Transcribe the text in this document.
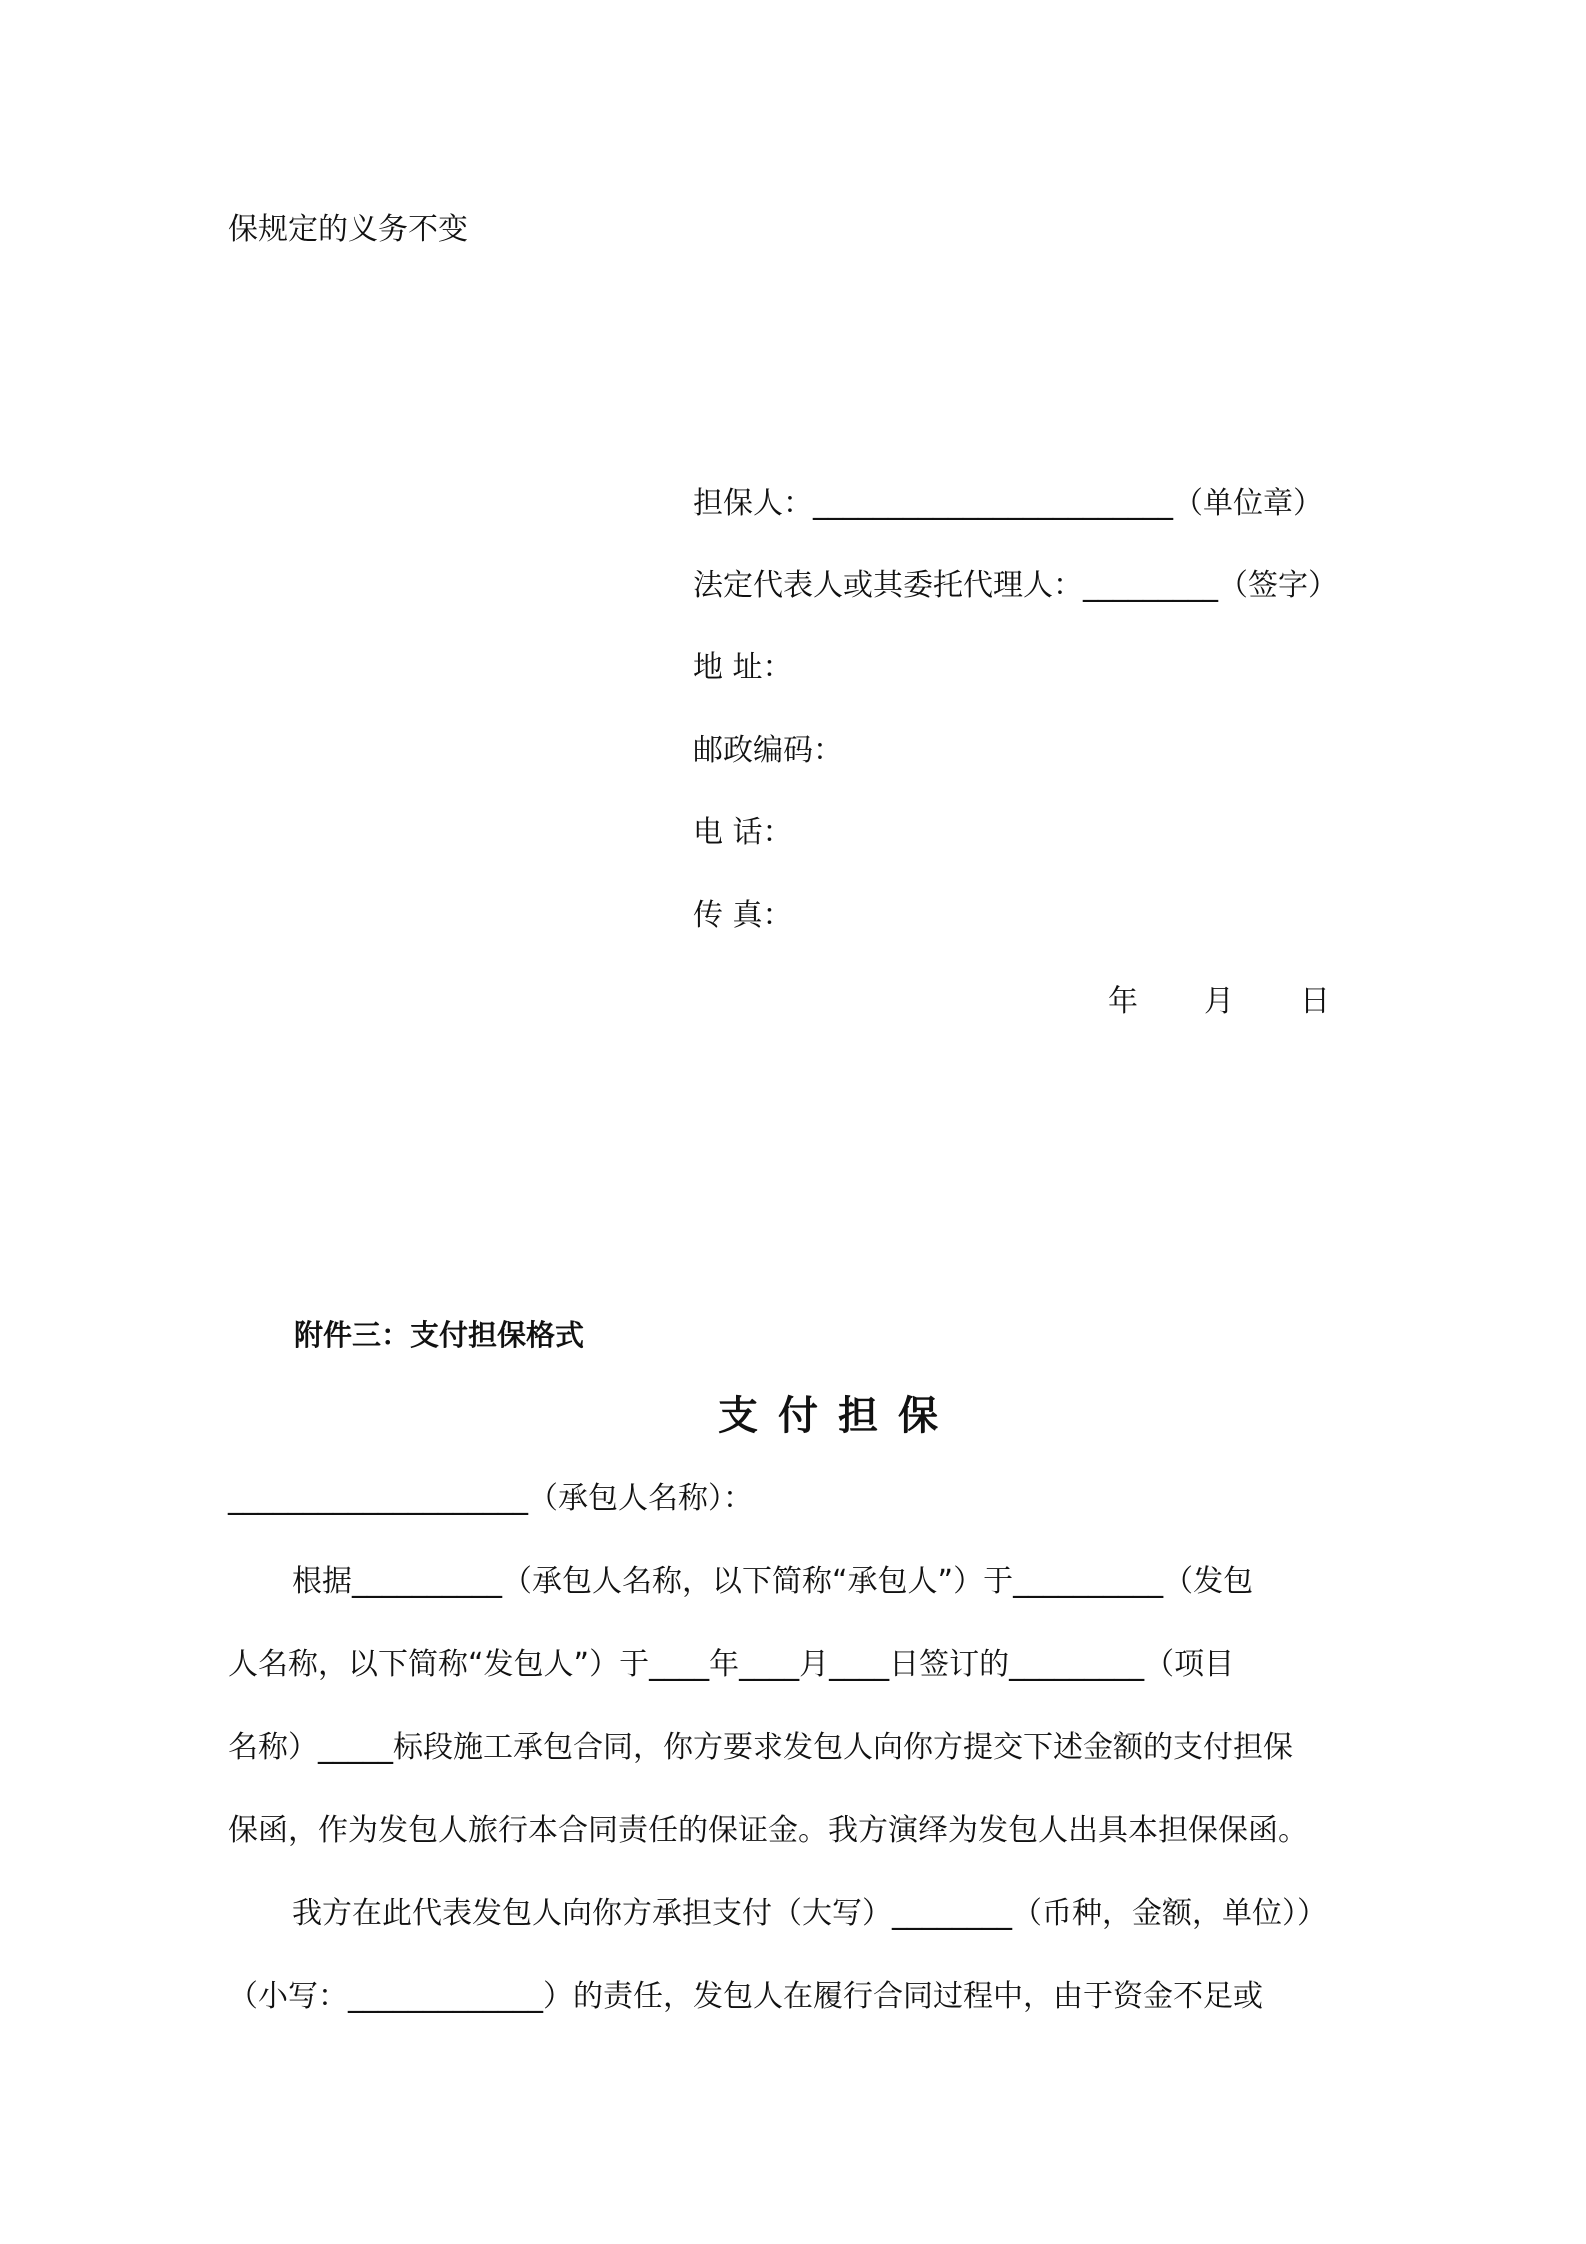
保规定的义务不变
担保人：________________________（单位章）
法定代表人或其委托代理人：_________（签字）
地 址：
邮政编码：
电 话：
传 真：
年 月 日
附件三：支付担保格式
支付担保
____________________（承包人名称）：
根据__________（承包人名称，以下简称“承包人”）于__________（发包
人名称，以下简称“发包人”）于____年____月____日签订的_________（项目
名称）_____标段施工承包合同，你方要求发包人向你方提交下述金额的支付担保
保函，作为发包人旅行本合同责任的保证金。我方演绎为发包人出具本担保保函。
我方在此代表发包人向你方承担支付（大写）________（币种，金额，单位））
（小写：_____________）的责任，发包人在履行合同过程中，由于资金不足或
